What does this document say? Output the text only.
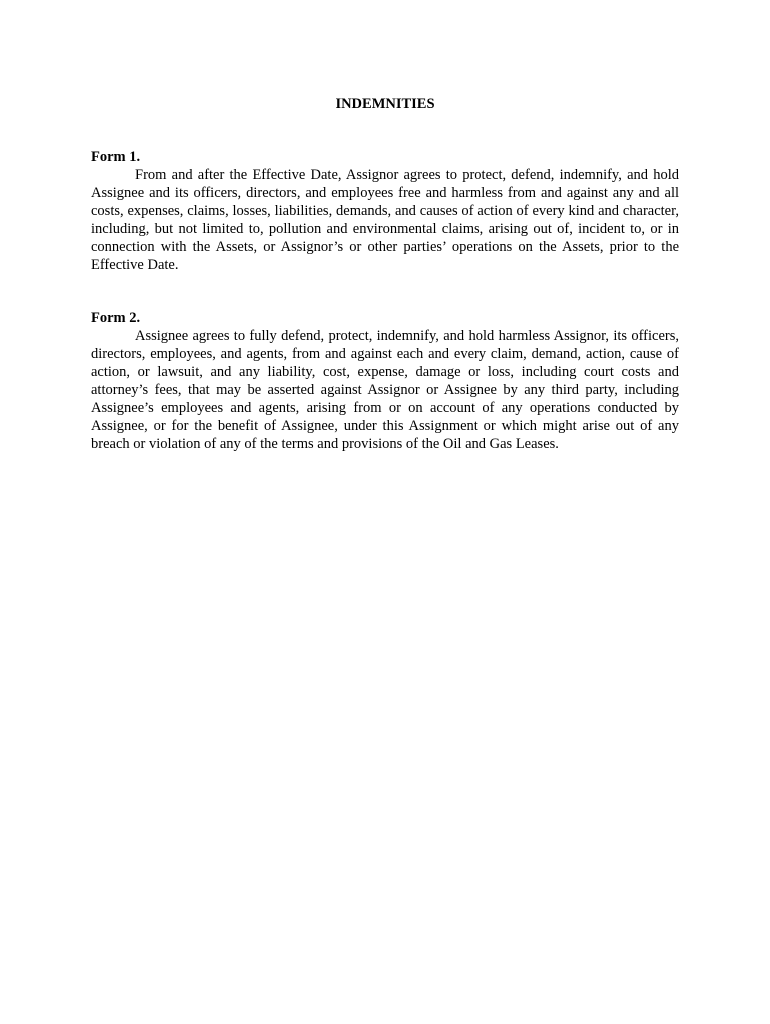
INDEMNITIES

Form 1.

From and after the Effective Date, Assignor agrees to protect, defend, indemnify, and hold Assignee and its officers, directors, and employees free and harmless from and against any and all costs, expenses, claims, losses, liabilities, demands, and causes of action of every kind and character, including, but not limited to, pollution and environmental claims, arising out of, incident to, or in connection with the Assets, or Assignor’s or other parties’ operations on the Assets, prior to the Effective Date.

Form 2.

Assignee agrees to fully defend, protect, indemnify, and hold harmless Assignor, its officers, directors, employees, and agents, from and against each and every claim, demand, action, cause of action, or lawsuit, and any liability, cost, expense, damage or loss, including court costs and attorney’s fees, that may be asserted against Assignor or Assignee by any third party, including Assignee’s employees and agents, arising from or on account of any operations conducted by Assignee, or for the benefit of Assignee, under this Assignment or which might arise out of any breach or violation of any of the terms and provisions of the Oil and Gas Leases.
